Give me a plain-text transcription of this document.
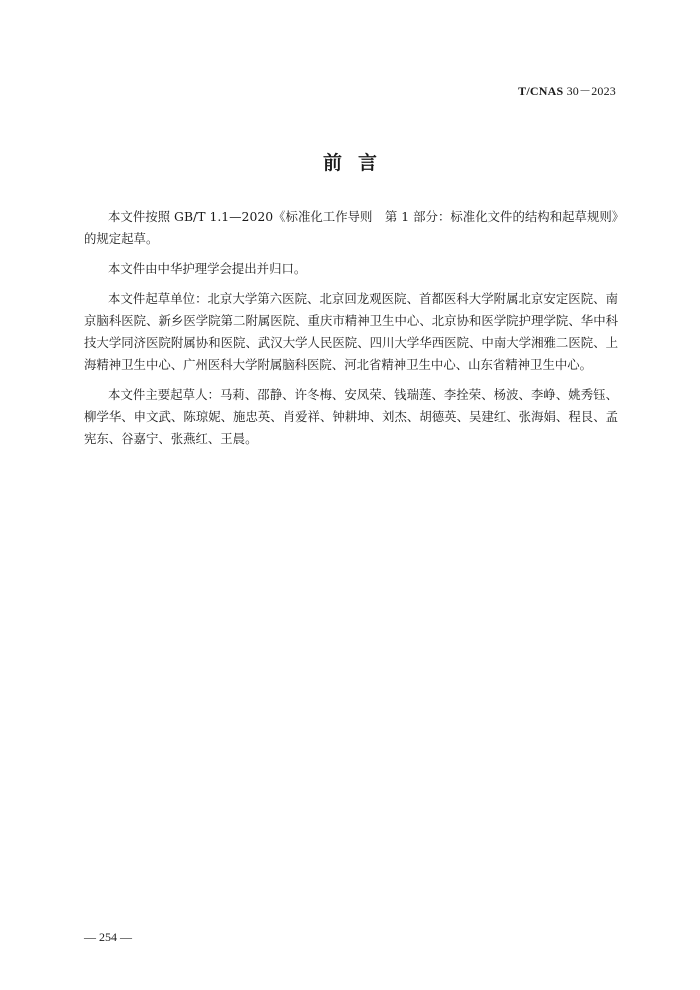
T/CNAS 30－2023
前言

本文件按照 GB/T 1.1—2020《标准化工作导则　第 1 部分：标准化文件的结构和起草规则》的规定起草。

本文件由中华护理学会提出并归口。

本文件起草单位：北京大学第六医院、北京回龙观医院、首都医科大学附属北京安定医院、南京脑科医院、新乡医学院第二附属医院、重庆市精神卫生中心、北京协和医学院护理学院、华中科技大学同济医院附属协和医院、武汉大学人民医院、四川大学华西医院、中南大学湘雅二医院、上海精神卫生中心、广州医科大学附属脑科医院、河北省精神卫生中心、山东省精神卫生中心。

本文件主要起草人：马莉、邵静、许冬梅、安凤荣、钱瑞莲、李拴荣、杨波、李峥、姚秀钰、柳学华、申文武、陈琼妮、施忠英、肖爱祥、钟耕坤、刘杰、胡德英、吴建红、张海娟、程艮、孟宪东、谷嘉宁、张燕红、王晨。

— 254 —
